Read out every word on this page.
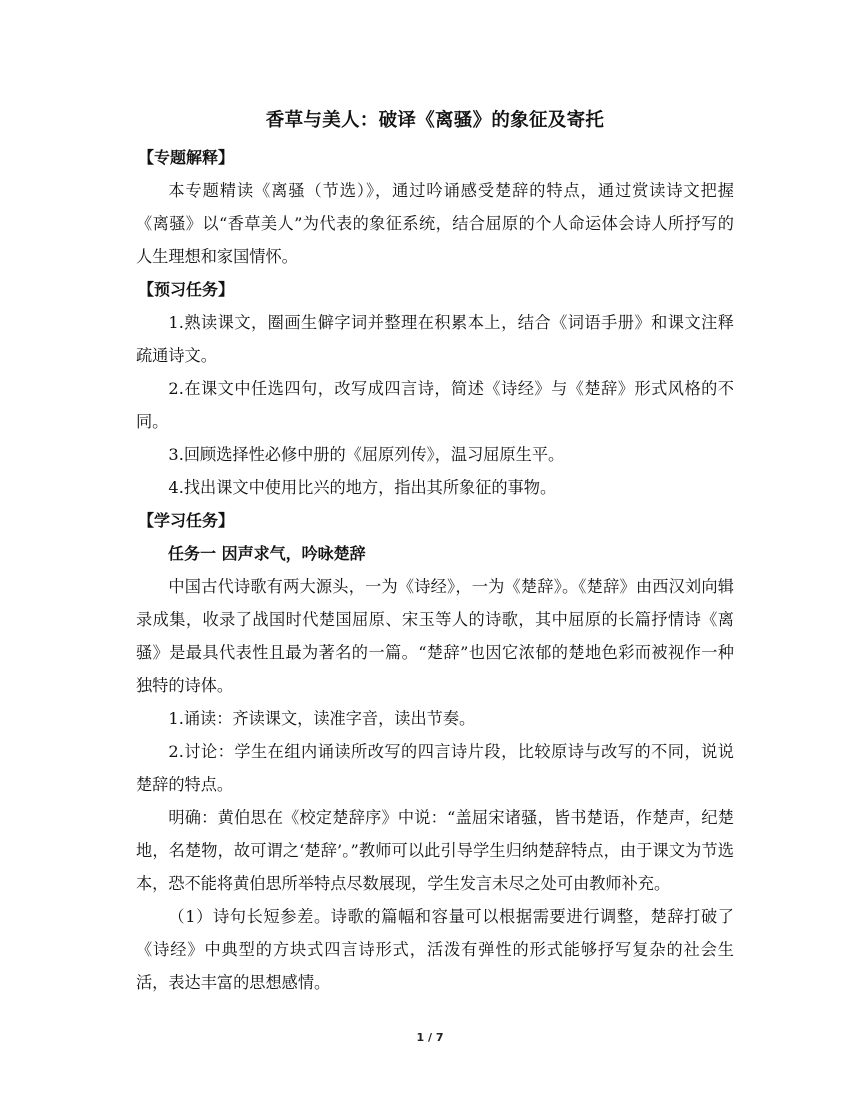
香草与美人：破译《离骚》的象征及寄托
【专题解释】

本专题精读《离骚（节选）》，通过吟诵感受楚辞的特点，通过赏读诗文把握《离骚》以“香草美人”为代表的象征系统，结合屈原的个人命运体会诗人所抒写的人生理想和家国情怀。

【预习任务】

1.熟读课文，圈画生僻字词并整理在积累本上，结合《词语手册》和课文注释疏通诗文。

2.在课文中任选四句，改写成四言诗，简述《诗经》与《楚辞》形式风格的不同。

3.回顾选择性必修中册的《屈原列传》，温习屈原生平。

4.找出课文中使用比兴的地方，指出其所象征的事物。

【学习任务】
任务一 因声求气，吟咏楚辞

中国古代诗歌有两大源头，一为《诗经》，一为《楚辞》。《楚辞》由西汉刘向辑录成集，收录了战国时代楚国屈原、宋玉等人的诗歌，其中屈原的长篇抒情诗《离骚》是最具代表性且最为著名的一篇。“楚辞”也因它浓郁的楚地色彩而被视作一种独特的诗体。

1.诵读：齐读课文，读准字音，读出节奏。

2.讨论：学生在组内诵读所改写的四言诗片段，比较原诗与改写的不同，说说楚辞的特点。

明确：黄伯思在《校定楚辞序》中说：“盖屈宋诸骚，皆书楚语，作楚声，纪楚地，名楚物，故可谓之‘楚辞’。”教师可以此引导学生归纳楚辞特点，由于课文为节选本，恐不能将黄伯思所举特点尽数展现，学生发言未尽之处可由教师补充。

（1）诗句长短参差。诗歌的篇幅和容量可以根据需要进行调整，楚辞打破了《诗经》中典型的方块式四言诗形式，活泼有弹性的形式能够抒写复杂的社会生活，表达丰富的思想感情。

1 / 7
